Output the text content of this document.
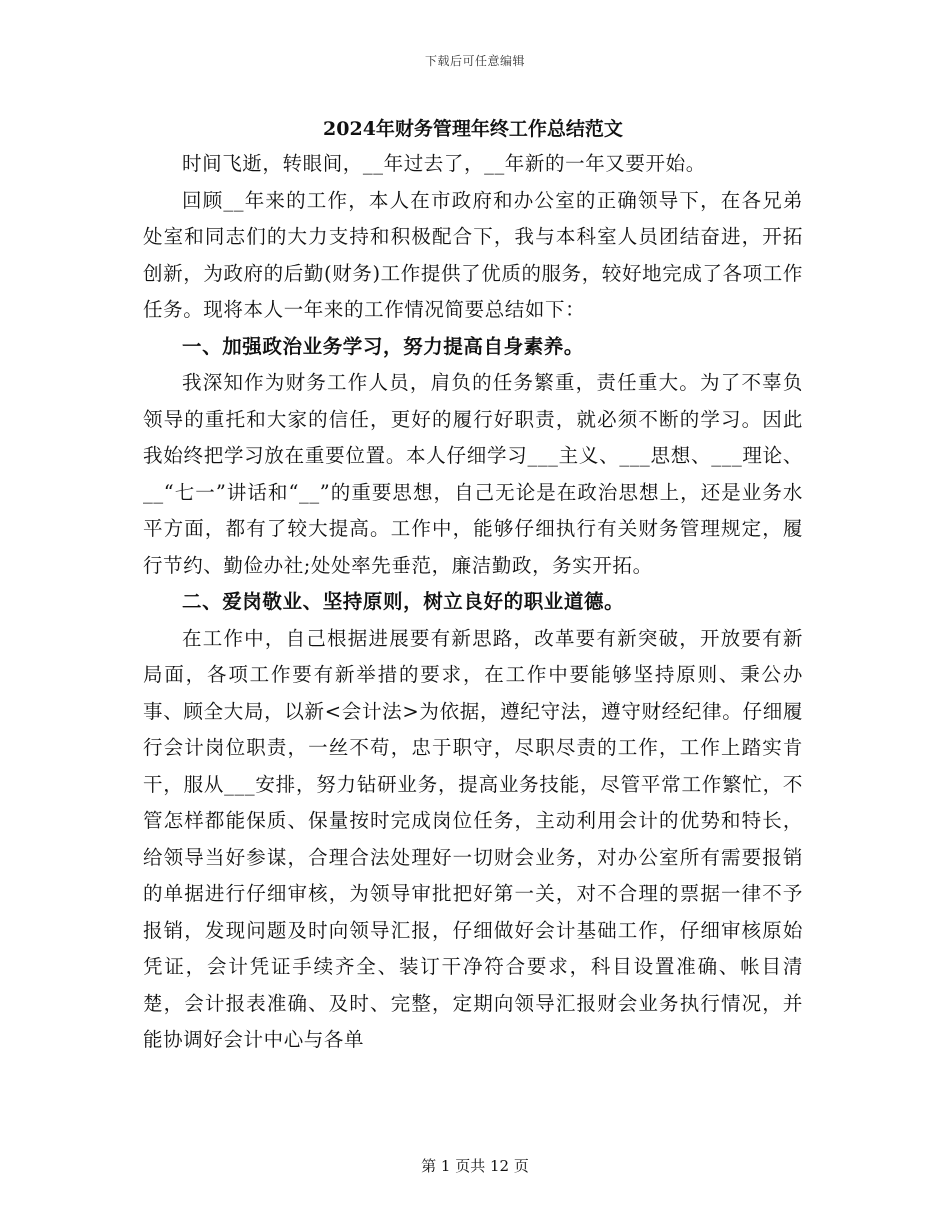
下载后可任意编辑
2024年财务管理年终工作总结范文

时间飞逝，转眼间，__年过去了，__年新的一年又要开始。

回顾__年来的工作，本人在市政府和办公室的正确领导下，在各兄弟处室和同志们的大力支持和积极配合下，我与本科室人员团结奋进，开拓创新，为政府的后勤(财务)工作提供了优质的服务，较好地完成了各项工作任务。现将本人一年来的工作情况简要总结如下：

一、加强政治业务学习，努力提高自身素养。

我深知作为财务工作人员，肩负的任务繁重，责任重大。为了不辜负领导的重托和大家的信任，更好的履行好职责，就必须不断的学习。因此我始终把学习放在重要位置。本人仔细学习___主义、___思想、___理论、__“七一”讲话和“__”的重要思想，自己无论是在政治思想上，还是业务水平方面，都有了较大提高。工作中，能够仔细执行有关财务管理规定，履行节约、勤俭办社;处处率先垂范，廉洁勤政，务实开拓。

二、爱岗敬业、坚持原则，树立良好的职业道德。

在工作中，自己根据进展要有新思路，改革要有新突破，开放要有新局面，各项工作要有新举措的要求，在工作中要能够坚持原则、秉公办事、顾全大局，以新<会计法>为依据，遵纪守法，遵守财经纪律。仔细履行会计岗位职责，一丝不苟，忠于职守，尽职尽责的工作，工作上踏实肯干，服从___安排，努力钻研业务，提高业务技能，尽管平常工作繁忙，不管怎样都能保质、保量按时完成岗位任务，主动利用会计的优势和特长，给领导当好参谋，合理合法处理好一切财会业务，对办公室所有需要报销的单据进行仔细审核，为领导审批把好第一关，对不合理的票据一律不予报销，发现问题及时向领导汇报，仔细做好会计基础工作，仔细审核原始凭证，会计凭证手续齐全、装订干净符合要求，科目设置准确、帐目清楚，会计报表准确、及时、完整，定期向领导汇报财会业务执行情况，并能协调好会计中心与各单

第 1 页共 12 页
